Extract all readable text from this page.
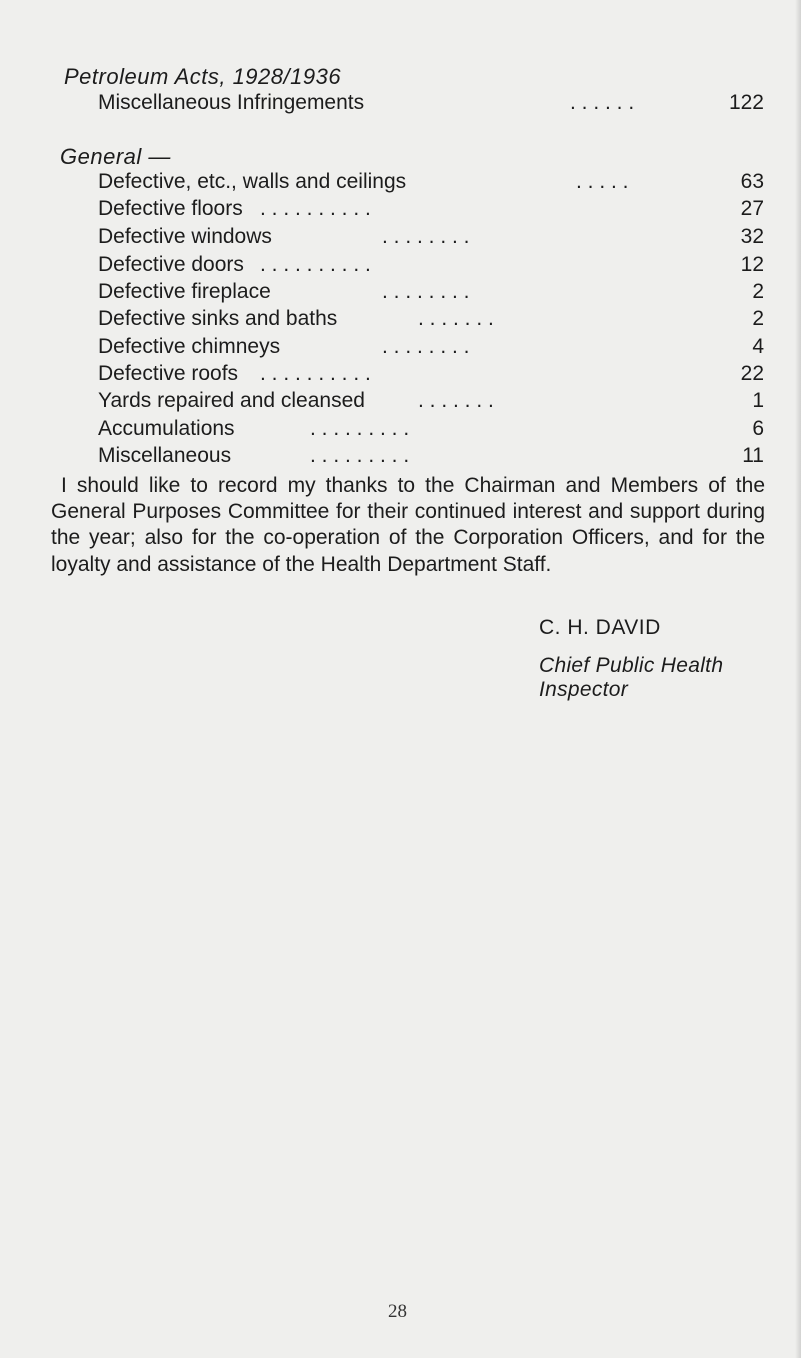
Petroleum Acts, 1928/1936
Miscellaneous Infringements	. . . . . .	122
General —
Defective, etc., walls and ceilings	. . . . .	63
Defective floors . . . . . . . . . .	27
Defective windows	. . . . . . . .	32
Defective doors . . . . . . . . . .	12
Defective fireplace	. . . . . . . .	2
Defective sinks and baths	. . . . . . .	2
Defective chimneys	. . . . . . . .	4
Defective roofs . . . . . . . . . .	22
Yards repaired and cleansed	. . . . . . .	1
Accumulations	. . . . . . . . .	6
Miscellaneous	. . . . . . . . .	11

I should like to record my thanks to the Chairman and Members of the General Purposes Committee for their continued interest and support during the year; also for the co-operation of the Corporation Officers, and for the loyalty and assistance of the Health Department Staff.

C. H. DAVID
Chief Public Health Inspector
28
